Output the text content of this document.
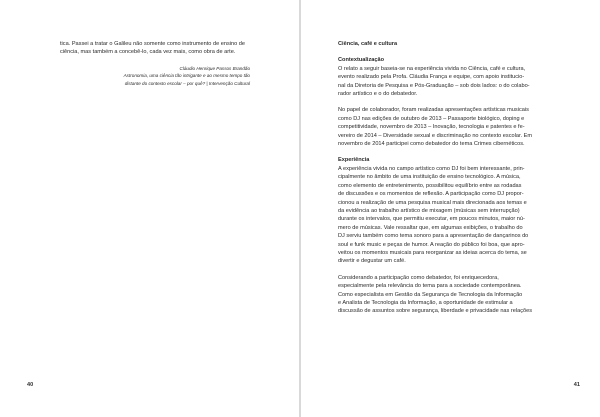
tica. Passei a tratar o Galileu não somente como instrumento de ensino de
ciência, mas também a concebê-lo, cada vez mais, como obra de arte.
Cláudio Henrique Passos Brandão
Astronomia, uma ciência tão intrigante e ao mesmo tempo tão
distante do contexto escolar – por quê? | Intervenção Cultural
40
Ciência, café e cultura
Contextualização
O relato a seguir baseia-se na experiência vivida no Ciência, café e cultura,
evento realizado pela Profa. Cláudia França e equipe, com apoio institucio-
nal da Diretoria de Pesquisa e Pós-Graduação – sob dois lados: o do colabo-
rador artístico e o do debatedor.
No papel de colaborador, foram realizadas apresentações artísticas musicais
como DJ nas edições de outubro de 2013 – Passaporte biológico, doping e
competitividade, novembro de 2013 – Inovação, tecnologia e patentes e fe-
vereiro de 2014 – Diversidade sexual e discriminação no contexto escolar. Em
novembro de 2014 participei como debatedor do tema Crimes cibernéticos.
Experiência
A experiência vivida no campo artístico como DJ foi bem interessante, prin-
cipalmente no âmbito de uma instituição de ensino tecnológico. A música,
como elemento de entretenimento, possibilitou equilíbrio entre as rodadas
de discussões e os momentos de reflexão. A participação como DJ propor-
cionou a realização de uma pesquisa musical mais direcionada aos temas e
da evidência ao trabalho artístico de mixagem (músicas sem interrupção)
durante os intervalos, que permitiu executar, em poucos minutos, maior nú-
mero de músicas. Vale ressaltar que, em algumas exibições, o trabalho do
DJ serviu também como tema sonoro para a apresentação de dançarinos do
soul e funk music e peças de humor. A reação do público foi boa, que apro-
veitou os momentos musicais para reorganizar as ideias acerca do tema, se
divertir e degustar um café.
Considerando a participação como debatedor, foi enriquecedora,
especialmente pela relevância do tema para a sociedade contemporânea.
Como especialista em Gestão da Segurança de Tecnologia da Informação
e Analista de Tecnologia da Informação, a oportunidade de estimular a
discussão de assuntos sobre segurança, liberdade e privacidade nas relações
41
